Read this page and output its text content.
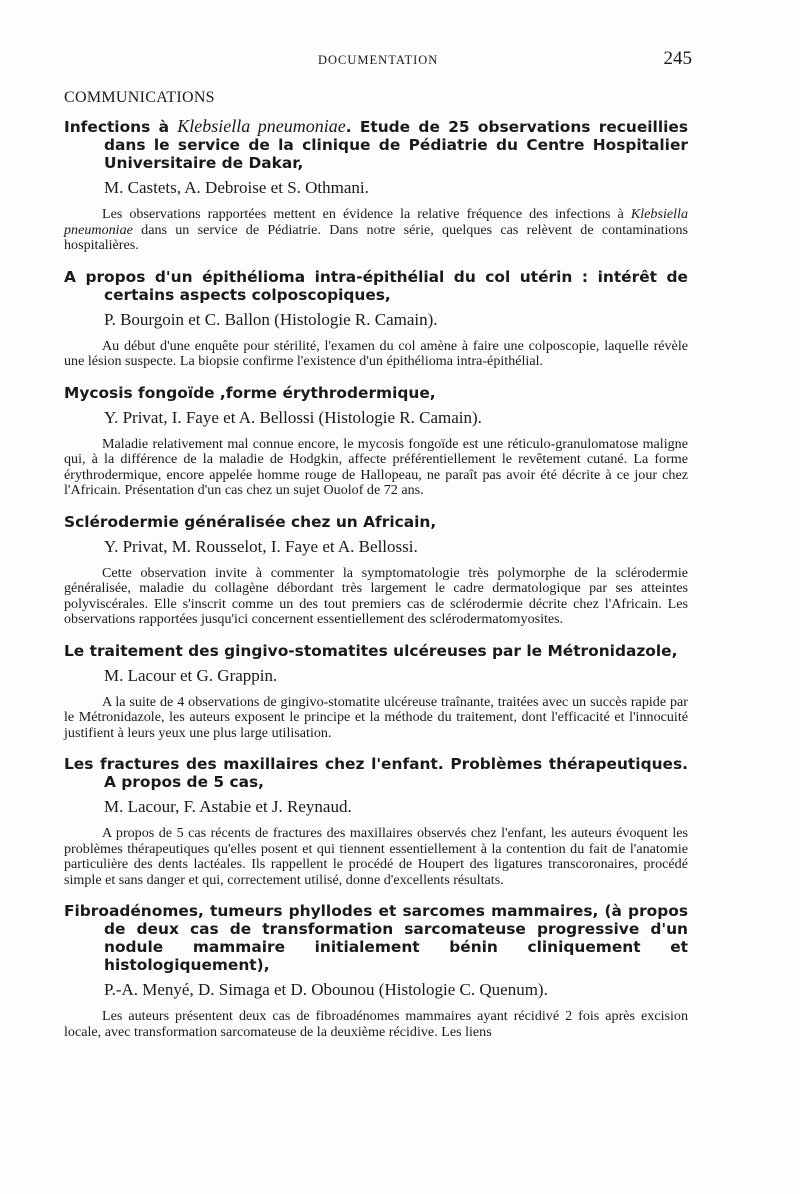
DOCUMENTATION	245
COMMUNICATIONS
Infections à Klebsiella pneumoniae. Etude de 25 observations recueillies dans le service de la clinique de Pédiatrie du Centre Hospitalier Universitaire de Dakar,
M. Castets, A. Debroise et S. Othmani.
Les observations rapportées mettent en évidence la relative fréquence des infections à Klebsiella pneumoniae dans un service de Pédiatrie. Dans notre série, quelques cas relèvent de contaminations hospitalières.
A propos d'un épithélioma intra-épithélial du col utérin : intérêt de certains aspects colposcopiques,
P. Bourgoin et C. Ballon (Histologie R. Camain).
Au début d'une enquête pour stérilité, l'examen du col amène à faire une colposcopie, laquelle révèle une lésion suspecte. La biopsie confirme l'existence d'un épithélioma intra-épithélial.
Mycosis fongoïde ,forme érythrodermique,
Y. Privat, I. Faye et A. Bellossi (Histologie R. Camain).
Maladie relativement mal connue encore, le mycosis fongoïde est une réticulo-granulomatose maligne qui, à la différence de la maladie de Hodgkin, affecte préférentiellement le revêtement cutané. La forme érythrodermique, encore appelée homme rouge de Hallopeau, ne paraît pas avoir été décrite à ce jour chez l'Africain. Présentation d'un cas chez un sujet Ouolof de 72 ans.
Sclérodermie généralisée chez un Africain,
Y. Privat, M. Rousselot, I. Faye et A. Bellossi.
Cette observation invite à commenter la symptomatologie très polymorphe de la sclérodermie généralisée, maladie du collagène débordant très largement le cadre dermatologique par ses atteintes polyviscérales. Elle s'inscrit comme un des tout premiers cas de sclérodermie décrite chez l'Africain. Les observations rapportées jusqu'ici concernent essentiellement des sclérodermatomyosites.
Le traitement des gingivo-stomatites ulcéreuses par le Métronidazole,
M. Lacour et G. Grappin.
A la suite de 4 observations de gingivo-stomatite ulcéreuse traînante, traitées avec un succès rapide par le Métronidazole, les auteurs exposent le principe et la méthode du traitement, dont l'efficacité et l'innocuité justifient à leurs yeux une plus large utilisation.
Les fractures des maxillaires chez l'enfant. Problèmes thérapeutiques. A propos de 5 cas,
M. Lacour, F. Astabie et J. Reynaud.
A propos de 5 cas récents de fractures des maxillaires observés chez l'enfant, les auteurs évoquent les problèmes thérapeutiques qu'elles posent et qui tiennent essentiellement à la contention du fait de l'anatomie particulière des dents lactéales. Ils rappellent le procédé de Houpert des ligatures transcoronaires, procédé simple et sans danger et qui, correctement utilisé, donne d'excellents résultats.
Fibroadénomes, tumeurs phyllodes et sarcomes mammaires, (à propos de deux cas de transformation sarcomateuse progressive d'un nodule mammaire initialement bénin cliniquement et histologiquement),
P.-A. Menyé, D. Simaga et D. Obounou (Histologie C. Quenum).
Les auteurs présentent deux cas de fibroadénomes mammaires ayant récidivé 2 fois après excision locale, avec transformation sarcomateuse de la deuxième récidive. Les liens
